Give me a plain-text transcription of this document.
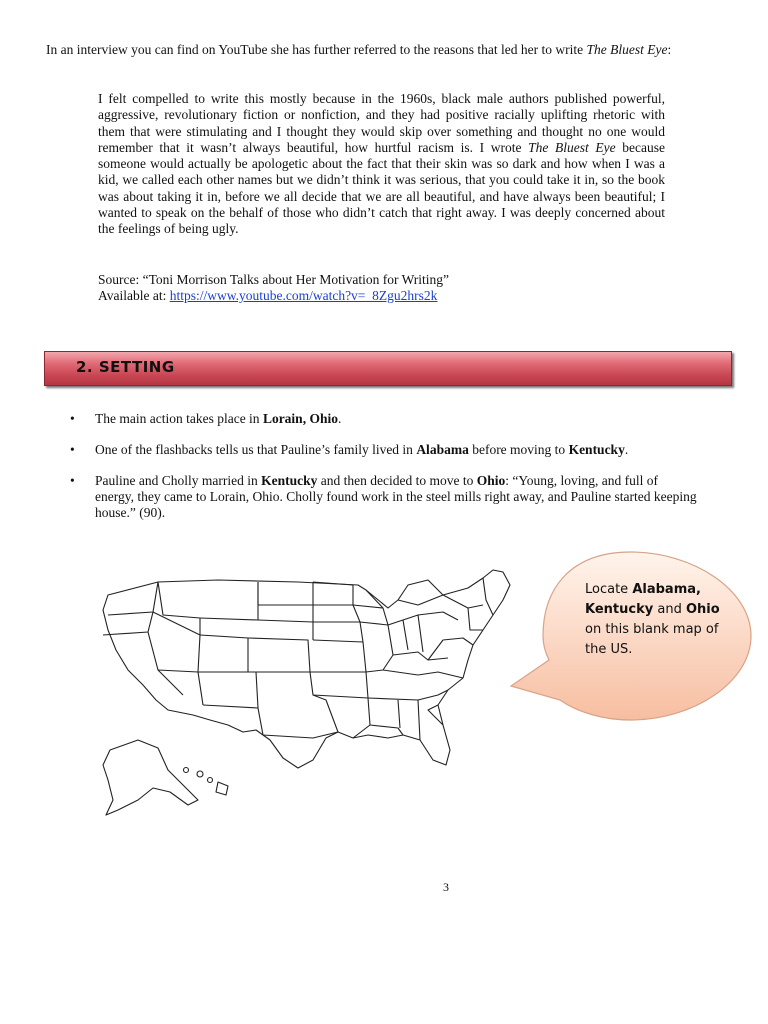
In an interview you can find on YouTube she has further referred to the reasons that led her to write The Bluest Eye:
I felt compelled to write this mostly because in the 1960s, black male authors published powerful, aggressive, revolutionary fiction or nonfiction, and they had positive racially uplifting rhetoric with them that were stimulating and I thought they would skip over something and thought no one would remember that it wasn’t always beautiful, how hurtful racism is. I wrote The Bluest Eye because someone would actually be apologetic about the fact that their skin was so dark and how when I was a kid, we called each other names but we didn’t think it was serious, that you could take it in, so the book was about taking it in, before we all decide that we are all beautiful, and have always been beautiful; I wanted to speak on the behalf of those who didn’t catch that right away. I was deeply concerned about the feelings of being ugly.
Source: “Toni Morrison Talks about Her Motivation for Writing”
Available at: https://www.youtube.com/watch?v=_8Zgu2hrs2k
2. SETTING
• The main action takes place in Lorain, Ohio.
• One of the flashbacks tells us that Pauline’s family lived in Alabama before moving to Kentucky.
• Pauline and Cholly married in Kentucky and then decided to move to Ohio: “Young, loving, and full of energy, they came to Lorain, Ohio. Cholly found work in the steel mills right away, and Pauline started keeping house.” (90).
Locate Alabama, Kentucky and Ohio on this blank map of the US.
3
